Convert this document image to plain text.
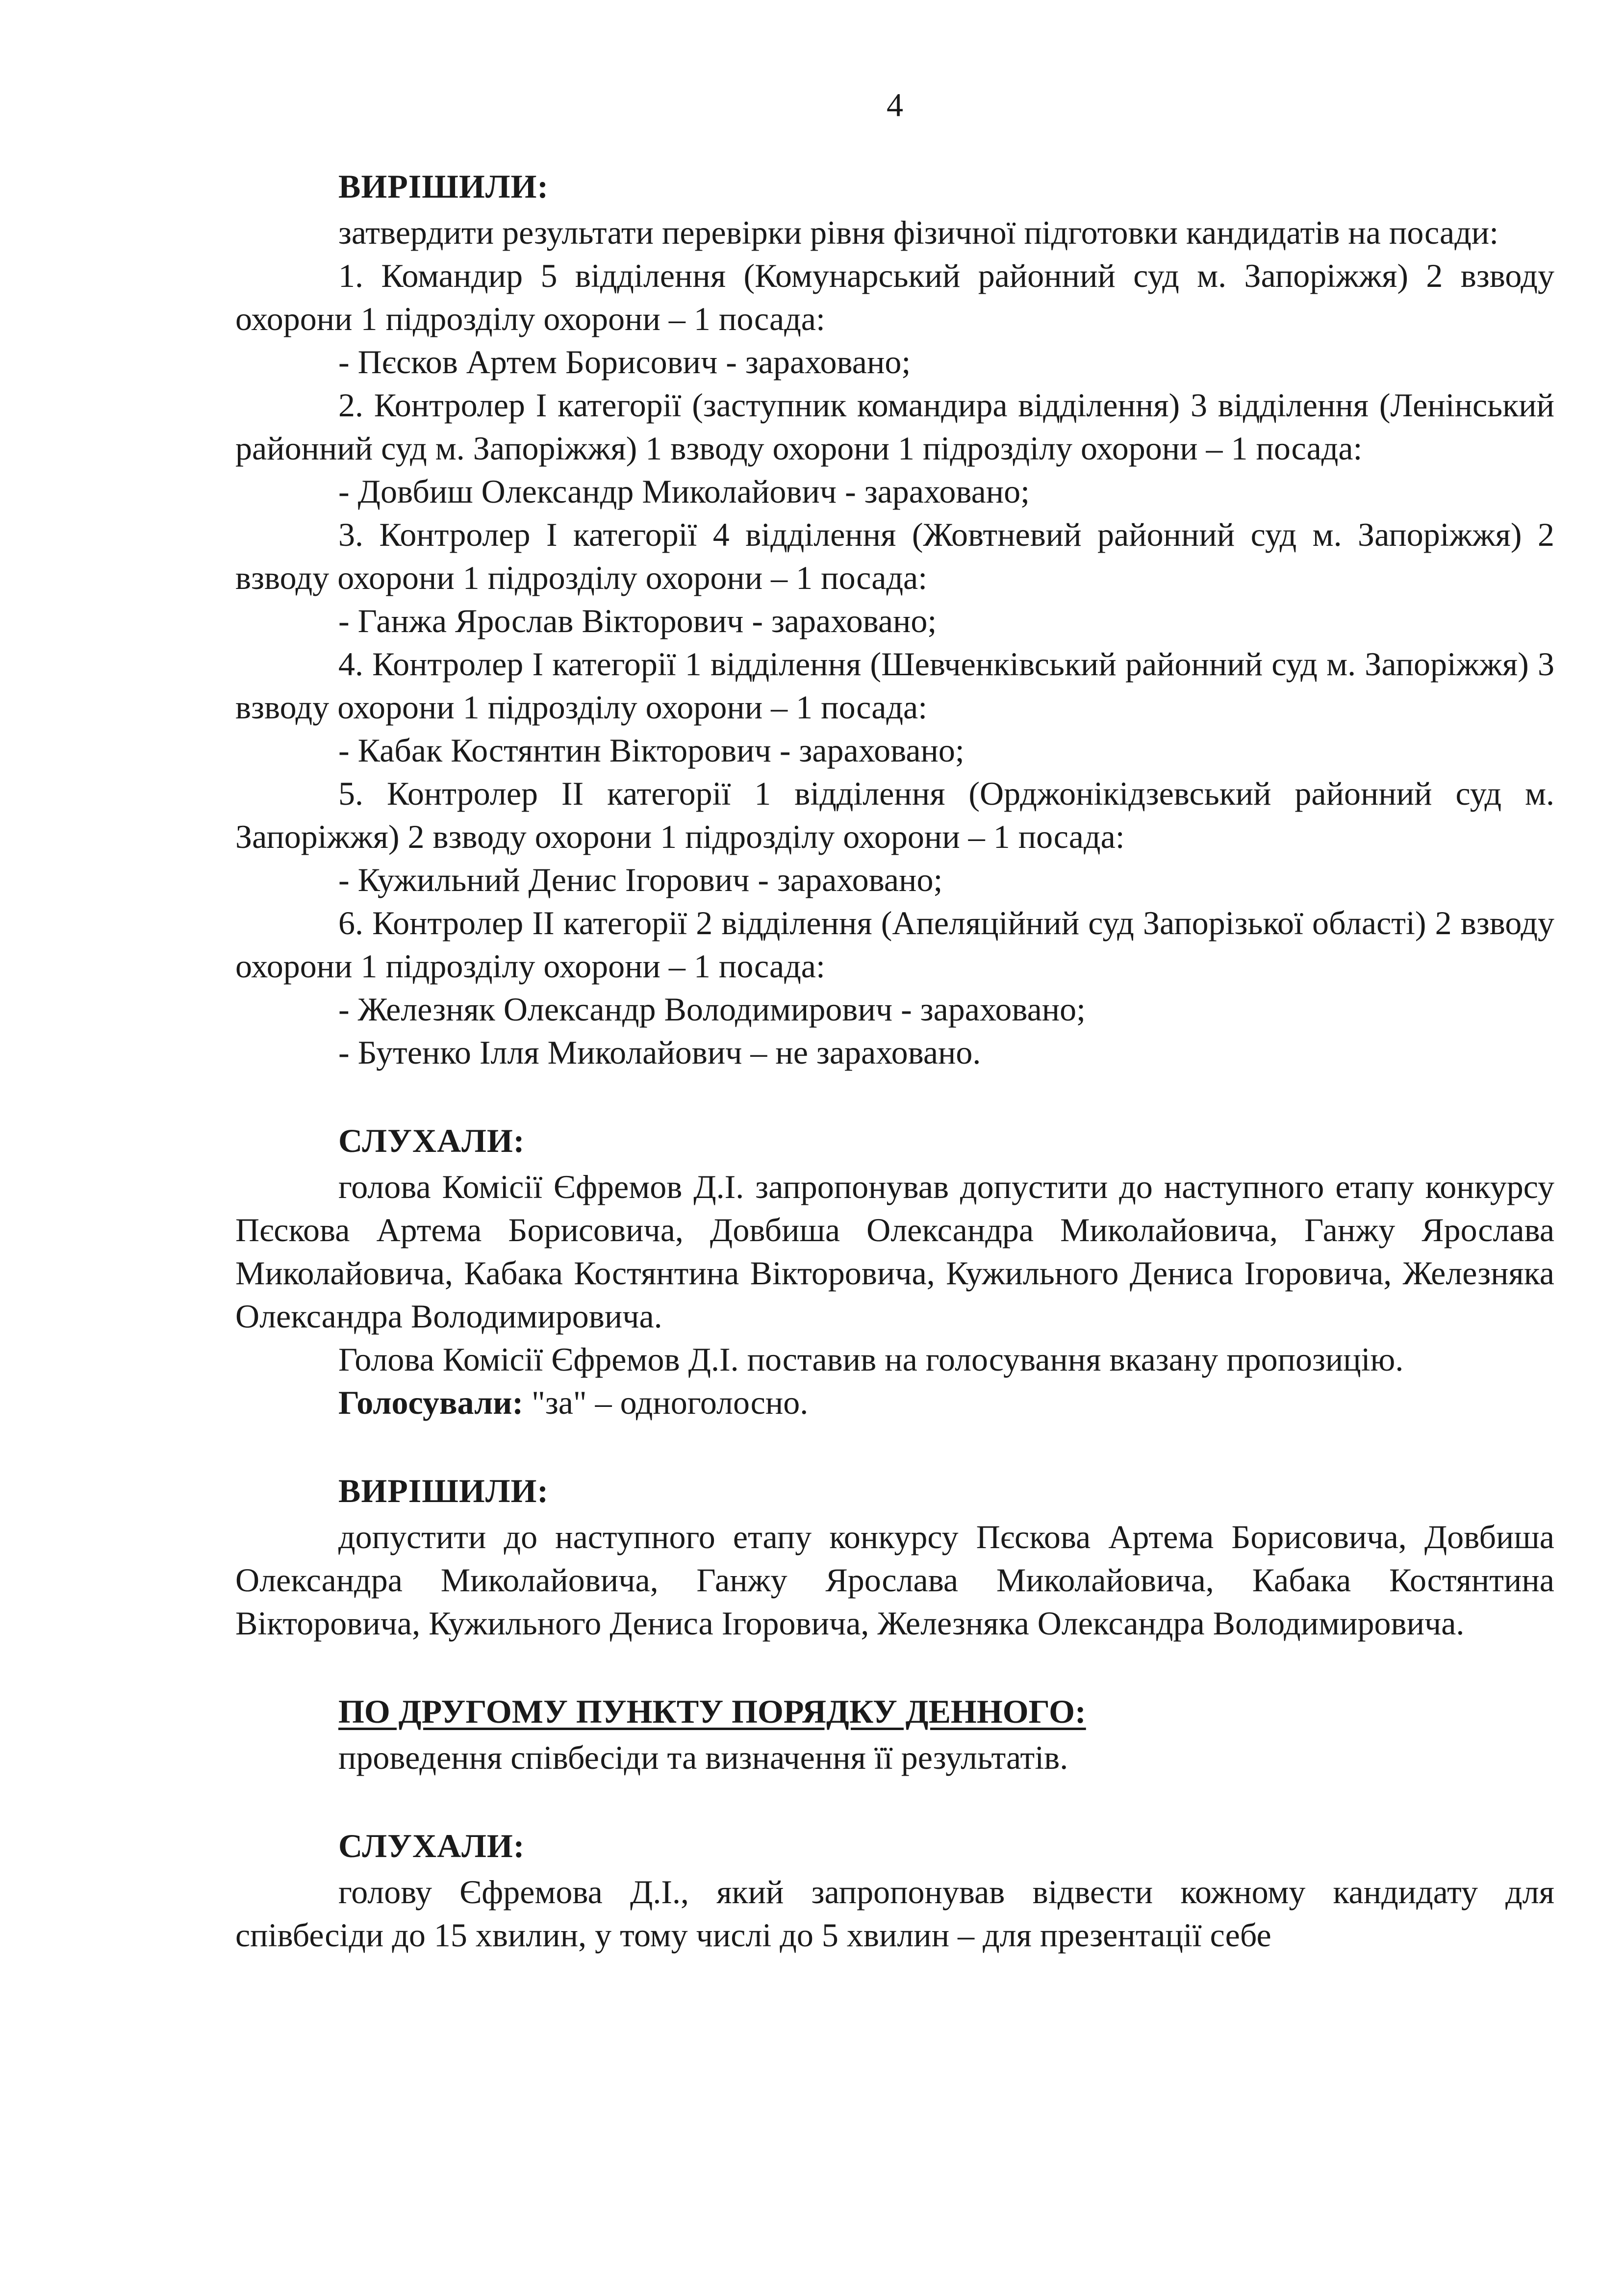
4
ВИРІШИЛИ:

затвердити результати перевірки рівня фізичної підготовки кандидатів на посади:

1. Командир 5 відділення (Комунарський районний суд м. Запоріжжя) 2 взводу охорони 1 підрозділу охорони – 1 посада:

- Пєсков Артем Борисович - зараховано;

2. Контролер І категорії (заступник командира відділення) 3 відділення (Ленінський районний суд м. Запоріжжя) 1 взводу охорони 1 підрозділу охорони – 1 посада:

- Довбиш Олександр Миколайович - зараховано;

3. Контролер І категорії 4 відділення (Жовтневий районний суд м. Запоріжжя) 2 взводу охорони 1 підрозділу охорони – 1 посада:

- Ганжа Ярослав Вікторович - зараховано;

4. Контролер І категорії 1 відділення (Шевченківський районний суд м. Запоріжжя) 3 взводу охорони 1 підрозділу охорони – 1 посада:

- Кабак Костянтин Вікторович - зараховано;

5. Контролер ІІ категорії 1 відділення (Орджонікідзевський районний суд м. Запоріжжя) 2 взводу охорони 1 підрозділу охорони – 1 посада:

- Кужильний Денис Ігорович - зараховано;

6. Контролер ІІ категорії 2 відділення (Апеляційний суд Запорізької області) 2 взводу охорони 1 підрозділу охорони – 1 посада:

- Железняк Олександр Володимирович - зараховано;

- Бутенко Ілля Миколайович – не зараховано.

СЛУХАЛИ:

голова Комісії Єфремов Д.І. запропонував допустити до наступного етапу конкурсу Пєскова Артема Борисовича, Довбиша Олександра Миколайовича, Ганжу Ярослава Миколайовича, Кабака Костянтина Вікторовича, Кужильного Дениса Ігоровича, Железняка Олександра Володимировича.

Голова Комісії Єфремов Д.І. поставив на голосування вказану пропозицію.

Голосували: "за" – одноголосно.

ВИРІШИЛИ:

допустити до наступного етапу конкурсу Пєскова Артема Борисовича, Довбиша Олександра Миколайовича, Ганжу Ярослава Миколайовича, Кабака Костянтина Вікторовича, Кужильного Дениса Ігоровича, Железняка Олександра Володимировича.

ПО ДРУГОМУ ПУНКТУ ПОРЯДКУ ДЕННОГО:

проведення співбесіди та визначення її результатів.

СЛУХАЛИ:

голову Єфремова Д.І., який запропонував відвести кожному кандидату для співбесіди до 15 хвилин, у тому числі до 5 хвилин – для презентації себе
